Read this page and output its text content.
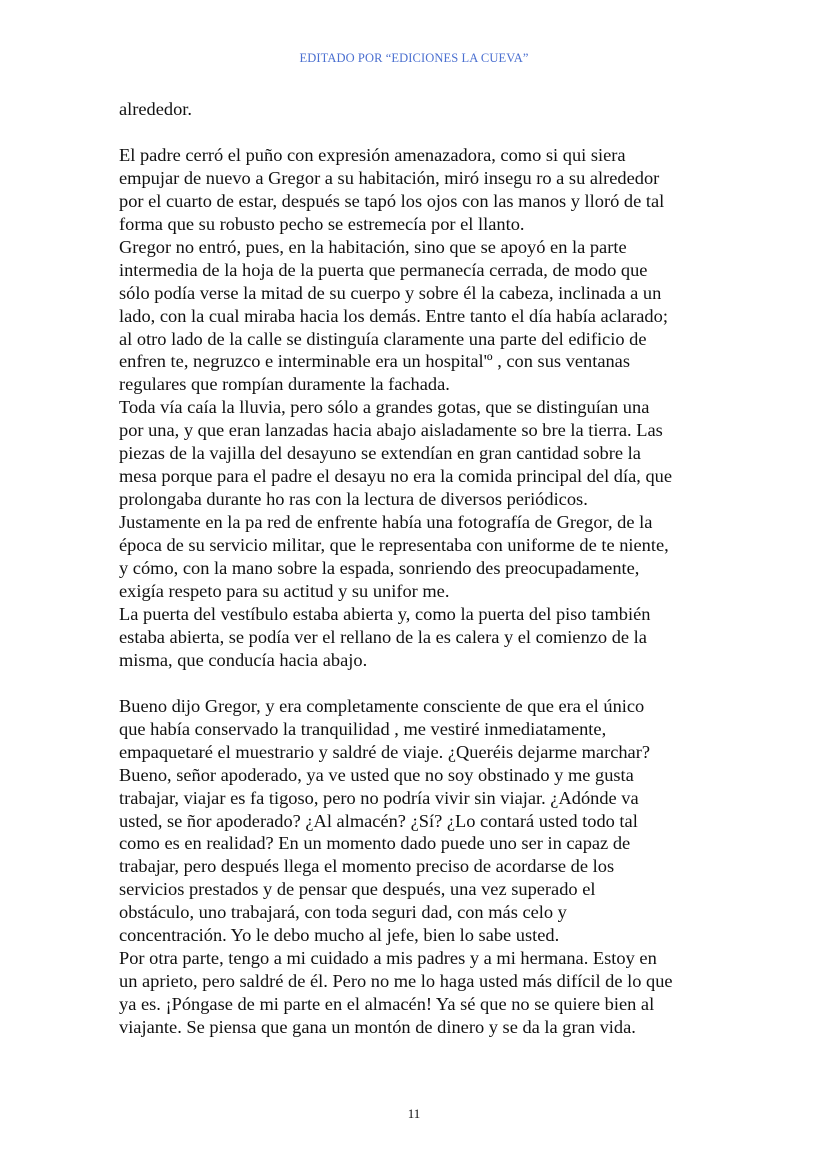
EDITADO POR “EDICIONES LA CUEVA”

alrededor.

El padre cerró el puño con expresión amenazadora, como si qui siera

empujar de nuevo a Gregor a su habitación, miró insegu ro a su alrededor

por el cuarto de estar, después se tapó los ojos con las manos y lloró de tal

forma que su robusto pecho se estremecía por el llanto.

Gregor no entró, pues, en la habitación, sino que se apoyó en la parte

intermedia de la hoja de la puerta que permanecía cerrada, de modo que

sólo podía verse la mitad de su cuerpo y sobre él la cabeza, inclinada a un

lado, con la cual miraba hacia los demás. Entre tanto el día había aclarado;

al otro lado de la calle se distinguía claramente una parte del edificio de

enfren te, negruzco e interminable era un hospital'º , con sus ventanas

regulares que rompían duramente la fachada.

Toda vía caía la lluvia, pero sólo a grandes gotas, que se distinguían una

por una, y que eran lanzadas hacia abajo aisladamente so bre la tierra. Las

piezas de la vajilla del desayuno se extendían en gran cantidad sobre la

mesa porque para el padre el desayu no era la comida principal del día, que

prolongaba durante ho ras con la lectura de diversos periódicos.

Justamente en la pa red de enfrente había una fotografía de Gregor, de la

época de su servicio militar, que le representaba con uniforme de te niente,

y cómo, con la mano sobre la espada, sonriendo des preocupadamente,

exigía respeto para su actitud y su unifor me.

La puerta del vestíbulo estaba abierta y, como la puerta del piso también

estaba abierta, se podía ver el rellano de la es calera y el comienzo de la

misma, que conducía hacia abajo.

Bueno dijo Gregor, y era completamente consciente de que era el único

que había conservado la tranquilidad , me vestiré inmediatamente,

empaquetaré el muestrario y saldré de viaje. ¿Queréis dejarme marchar?

Bueno, señor apoderado, ya ve usted que no soy obstinado y me gusta

trabajar, viajar es fa tigoso, pero no podría vivir sin viajar. ¿Adónde va

usted, se ñor apoderado? ¿Al almacén? ¿Sí? ¿Lo contará usted todo tal

como es en realidad? En un momento dado puede uno ser in capaz de

trabajar, pero después llega el momento preciso de acordarse de los

servicios prestados y de pensar que después, una vez superado el

obstáculo, uno trabajará, con toda seguri dad, con más celo y

concentración. Yo le debo mucho al jefe, bien lo sabe usted.

Por otra parte, tengo a mi cuidado a mis padres y a mi hermana. Estoy en

un aprieto, pero saldré de él. Pero no me lo haga usted más difícil de lo que

ya es. ¡Póngase de mi parte en el almacén! Ya sé que no se quiere bien al

viajante. Se piensa que gana un montón de dinero y se da la gran vida.

11
